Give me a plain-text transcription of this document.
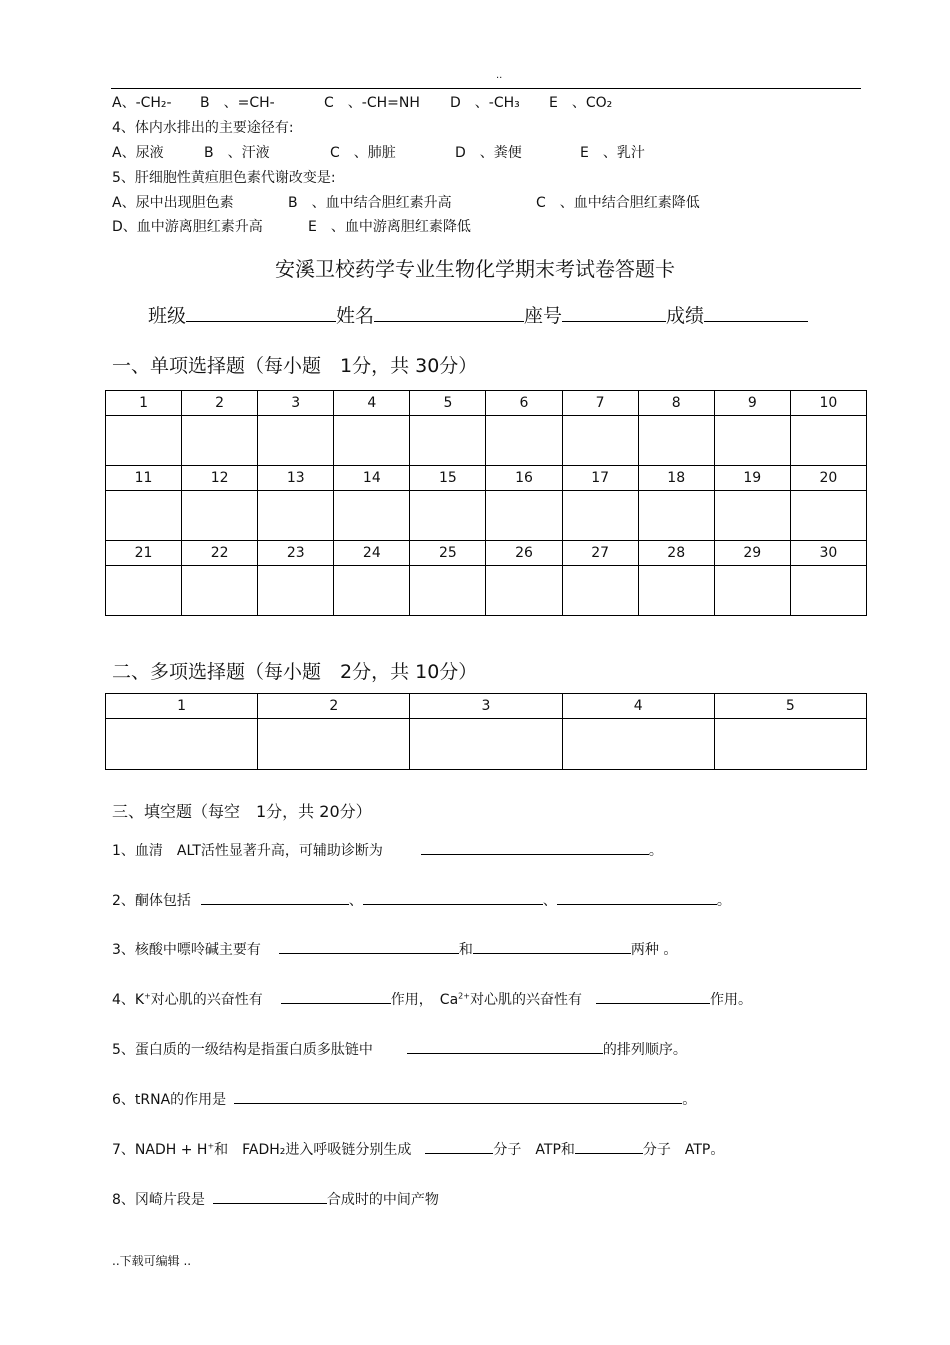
..
A、-CH₂- B　、=CH-	C　、-CH=NH D　、-CH₃ E　、CO₂
4、体内水排出的主要途径有:
A、尿液	B　、汗液	C　、肺脏	D　、粪便	E　、乳汁
5、肝细胞性黄疸胆色素代谢改变是:
A、尿中出现胆色素	B　、血中结合胆红素升高	C　、血中结合胆红素降低
D、血中游离胆红素升高	E　、血中游离胆红素降低
安溪卫校药学专业生物化学期末考试卷答题卡
班级	姓名	座号	成绩
一、单项选择题（每小题　1分，共 30分）
1	2	3	4	5	6	7	8	9	10

11	12	13	14	15	16	17	18	19	20

21	22	23	24	25	26	27	28	29	30

二、多项选择题（每小题　2分，共 10分）
1	2	3	4	5

三、填空题（每空　1分，共 20分）
1、血清　ALT活性显著升高，可辅助诊断为	。
2、酮体包括	、	、	。
3、核酸中嘌呤碱主要有	和	两种 。
4、K+对心肌的兴奋性有	作用，　$Ca^{2+}$对心肌的兴奋性有	作用。
5、蛋白质的一级结构是指蛋白质多肽链中	的排列顺序。
6、tRNA的作用是	。
7、NADH + H+和　FADH₂进入呼吸链分别生成	分子　ATP和	分子　ATP。
8、冈崎片段是	合成时的中间产物
..下载可编辑 ..
